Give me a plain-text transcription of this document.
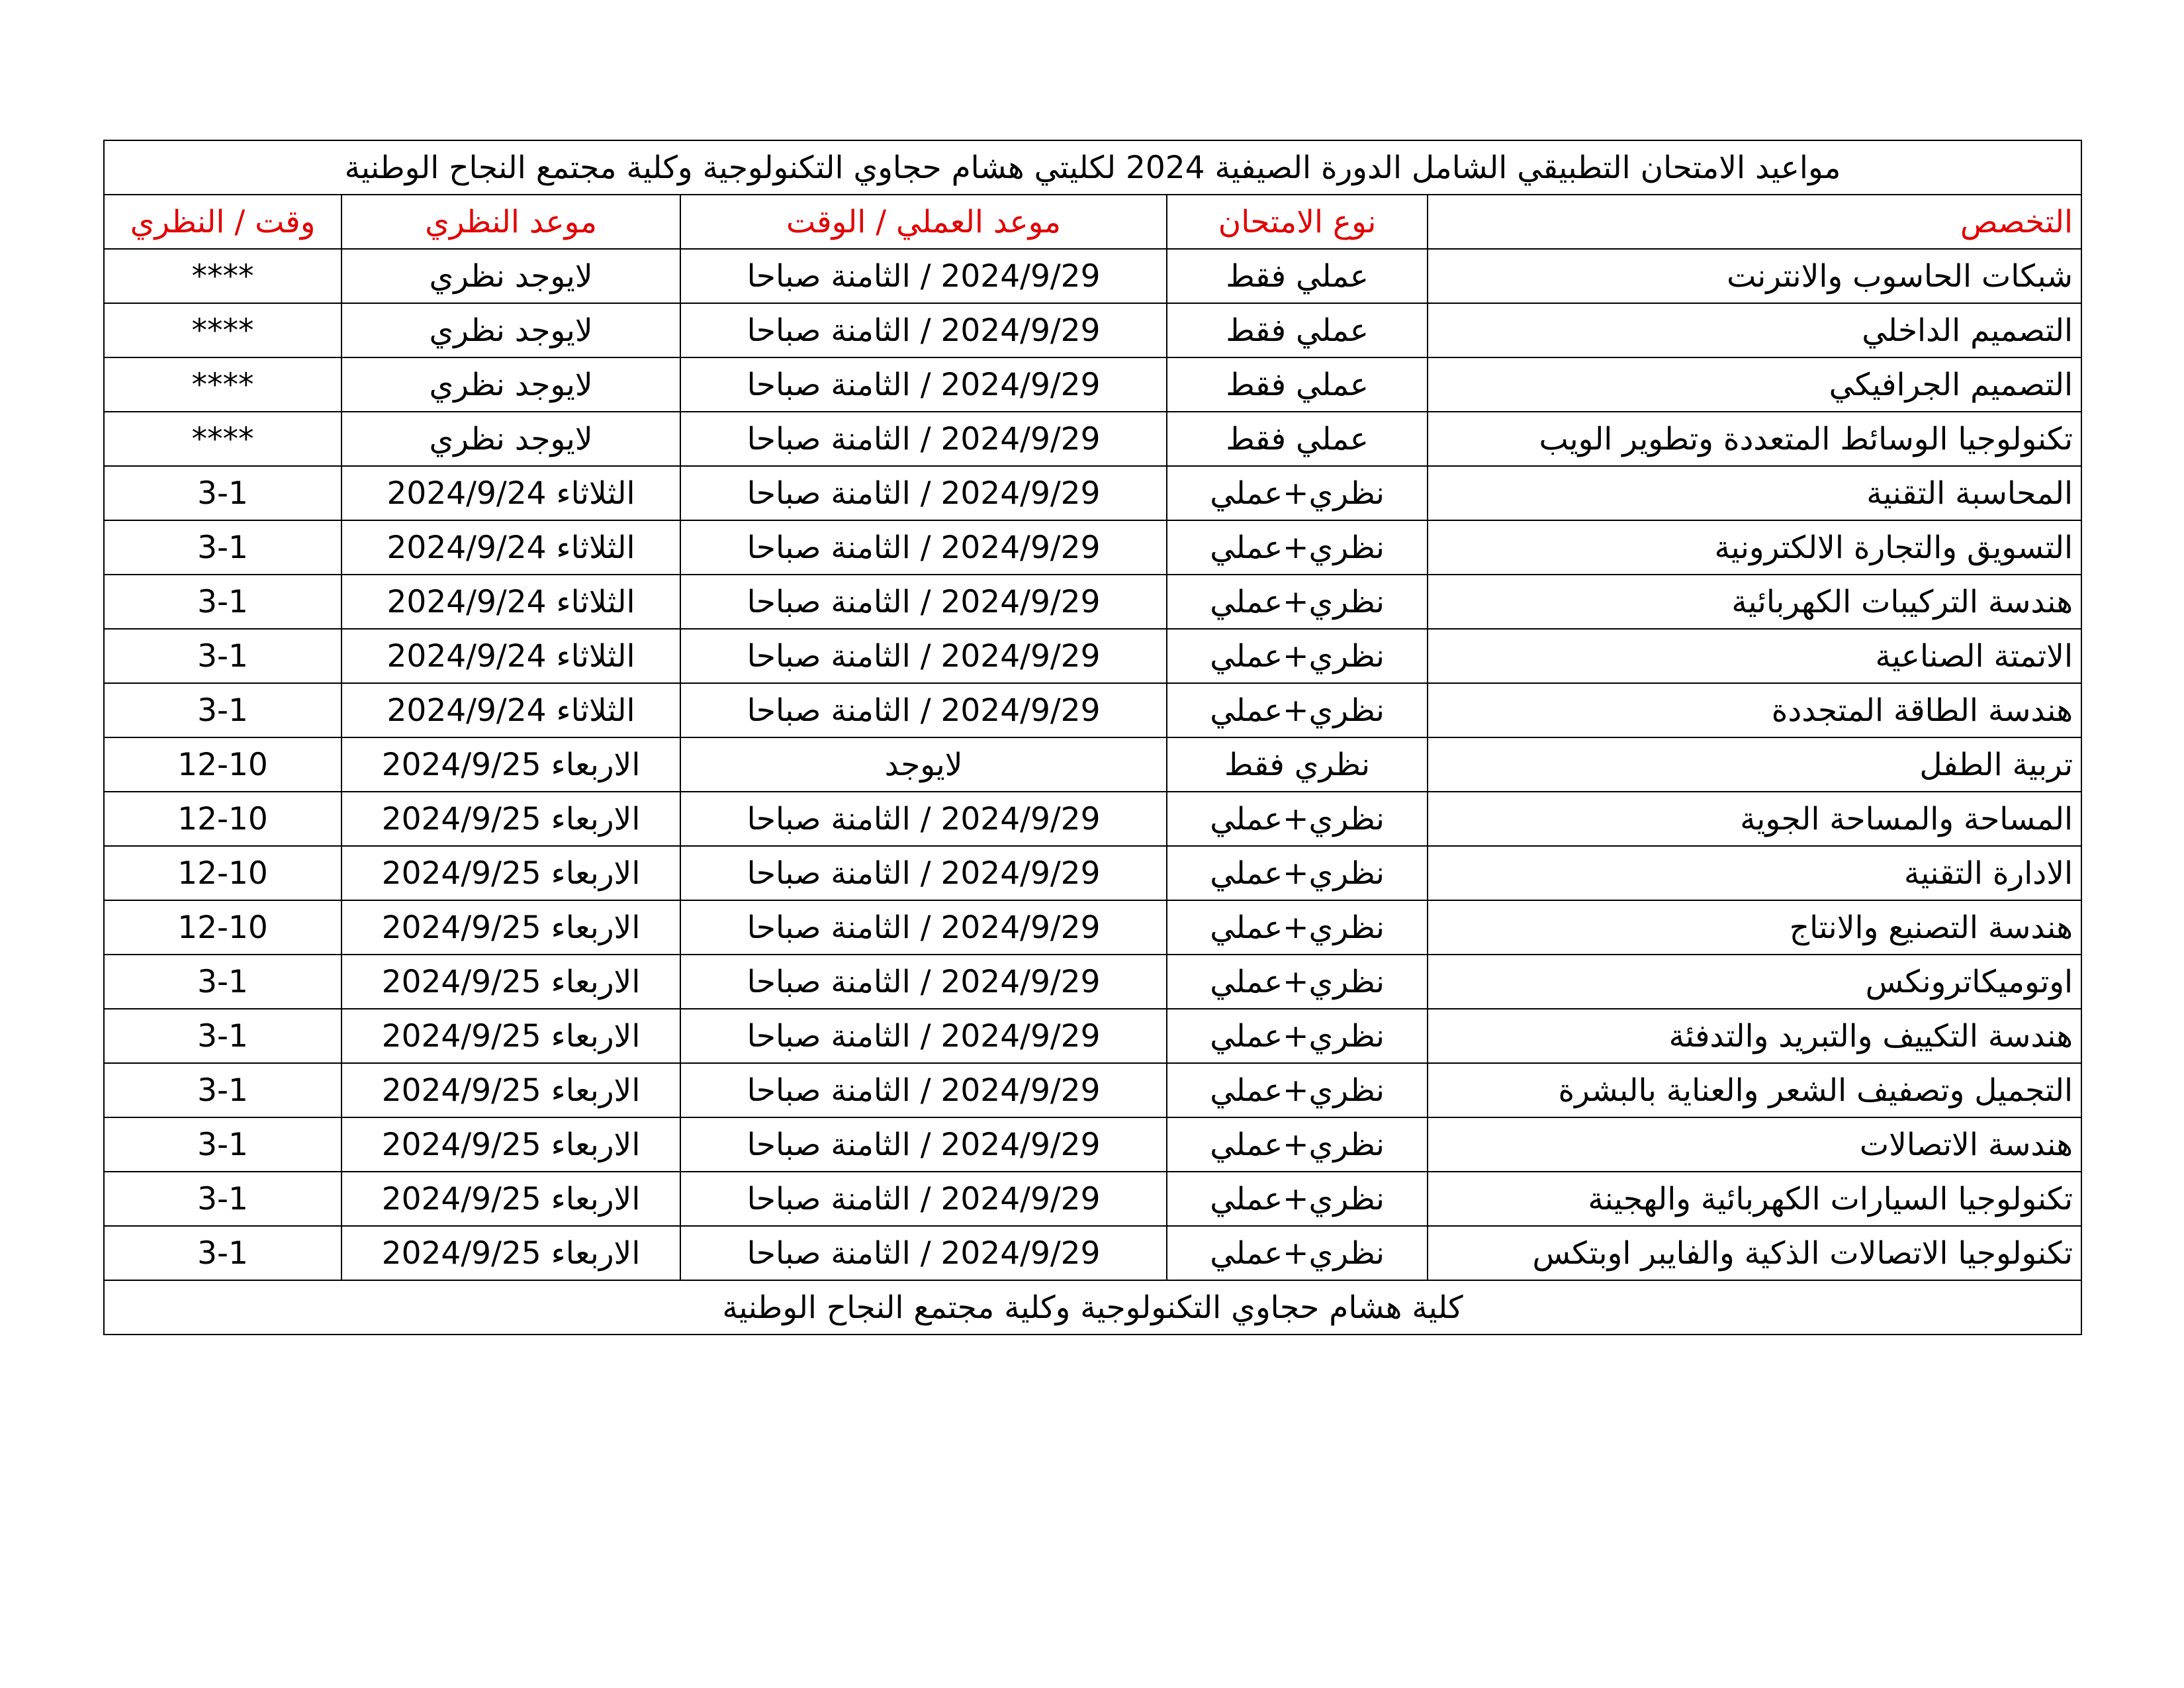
مواعيد الامتحان التطبيقي الشامل الدورة الصيفية 2024 لكليتي هشام حجاوي التكنولوجية وكلية مجتمع النجاح الوطنية				
التخصص	نوع الامتحان	موعد العملي / الوقت	موعد النظري	وقت / النظري
شبكات الحاسوب والانترنت	عملي فقط	2024/9/29 / الثامنة صباحا	لايوجد نظري	****
التصميم الداخلي	عملي فقط	2024/9/29 / الثامنة صباحا	لايوجد نظري	****
التصميم الجرافيكي	عملي فقط	2024/9/29 / الثامنة صباحا	لايوجد نظري	****
تكنولوجيا الوسائط المتعددة وتطوير الويب	عملي فقط	2024/9/29 / الثامنة صباحا	لايوجد نظري	****
المحاسبة التقنية	نظري+عملي	2024/9/29 / الثامنة صباحا	الثلاثاء 2024/9/24	3-1
التسويق والتجارة الالكترونية	نظري+عملي	2024/9/29 / الثامنة صباحا	الثلاثاء 2024/9/24	3-1
هندسة التركيبات الكهربائية	نظري+عملي	2024/9/29 / الثامنة صباحا	الثلاثاء 2024/9/24	3-1
الاتمتة الصناعية	نظري+عملي	2024/9/29 / الثامنة صباحا	الثلاثاء 2024/9/24	3-1
هندسة الطاقة المتجددة	نظري+عملي	2024/9/29 / الثامنة صباحا	الثلاثاء 2024/9/24	3-1
تربية الطفل	نظري فقط	لايوجد	الاربعاء 2024/9/25	12-10
المساحة والمساحة الجوية	نظري+عملي	2024/9/29 / الثامنة صباحا	الاربعاء 2024/9/25	12-10
الادارة التقنية	نظري+عملي	2024/9/29 / الثامنة صباحا	الاربعاء 2024/9/25	12-10
هندسة التصنيع والانتاج	نظري+عملي	2024/9/29 / الثامنة صباحا	الاربعاء 2024/9/25	12-10
اوتوميكاترونكس	نظري+عملي	2024/9/29 / الثامنة صباحا	الاربعاء 2024/9/25	3-1
هندسة التكييف والتبريد والتدفئة	نظري+عملي	2024/9/29 / الثامنة صباحا	الاربعاء 2024/9/25	3-1
التجميل وتصفيف الشعر والعناية بالبشرة	نظري+عملي	2024/9/29 / الثامنة صباحا	الاربعاء 2024/9/25	3-1
هندسة الاتصالات	نظري+عملي	2024/9/29 / الثامنة صباحا	الاربعاء 2024/9/25	3-1
تكنولوجيا السيارات الكهربائية والهجينة	نظري+عملي	2024/9/29 / الثامنة صباحا	الاربعاء 2024/9/25	3-1
تكنولوجيا الاتصالات الذكية والفايبر اوبتكس	نظري+عملي	2024/9/29 / الثامنة صباحا	الاربعاء 2024/9/25	3-1
كلية هشام حجاوي التكنولوجية وكلية مجتمع النجاح الوطنية				
